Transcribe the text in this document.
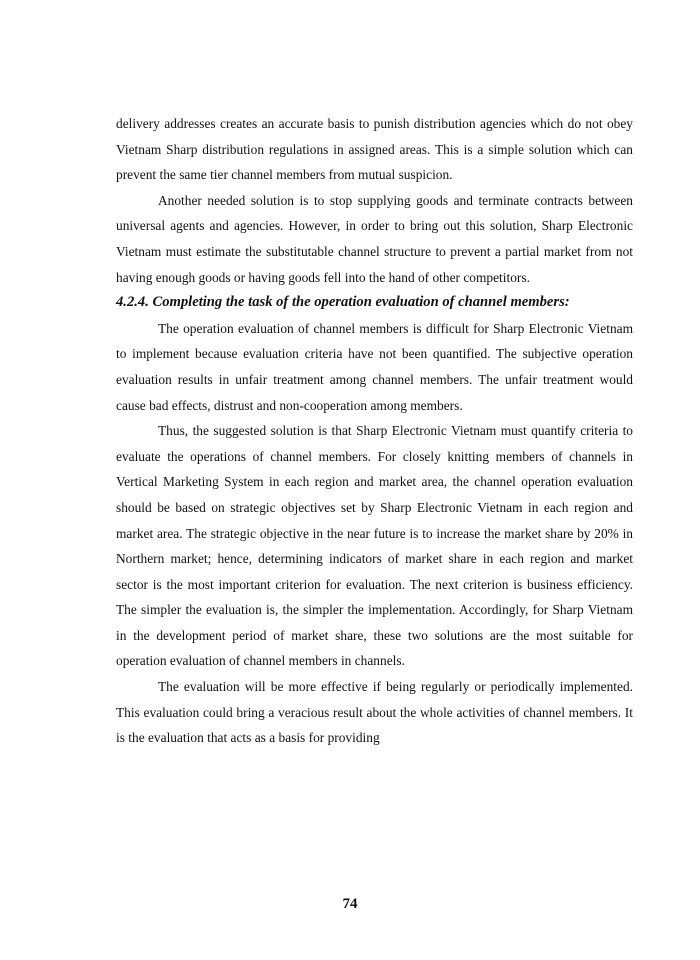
delivery addresses creates an accurate basis to punish distribution agencies which do not obey Vietnam Sharp distribution regulations in assigned areas. This is a simple solution which can prevent the same tier channel members from mutual suspicion.

Another needed solution is to stop supplying goods and terminate contracts between universal agents and agencies. However, in order to bring out this solution, Sharp Electronic Vietnam must estimate the substitutable channel structure to prevent a partial market from not having enough goods or having goods fell into the hand of other competitors.

4.2.4. Completing the task of the operation evaluation of channel members:

The operation evaluation of channel members is difficult for Sharp Electronic Vietnam to implement because evaluation criteria have not been quantified. The subjective operation evaluation results in unfair treatment among channel members. The unfair treatment would cause bad effects, distrust and non-cooperation among members.

Thus, the suggested solution is that Sharp Electronic Vietnam must quantify criteria to evaluate the operations of channel members. For closely knitting members of channels in Vertical Marketing System in each region and market area, the channel operation evaluation should be based on strategic objectives set by Sharp Electronic Vietnam in each region and market area. The strategic objective in the near future is to increase the market share by 20% in Northern market; hence, determining indicators of market share in each region and market sector is the most important criterion for evaluation. The next criterion is business efficiency. The simpler the evaluation is, the simpler the implementation. Accordingly, for Sharp Vietnam in the development period of market share, these two solutions are the most suitable for operation evaluation of channel members in channels.

The evaluation will be more effective if being regularly or periodically implemented. This evaluation could bring a veracious result about the whole activities of channel members. It is the evaluation that acts as a basis for providing

74
